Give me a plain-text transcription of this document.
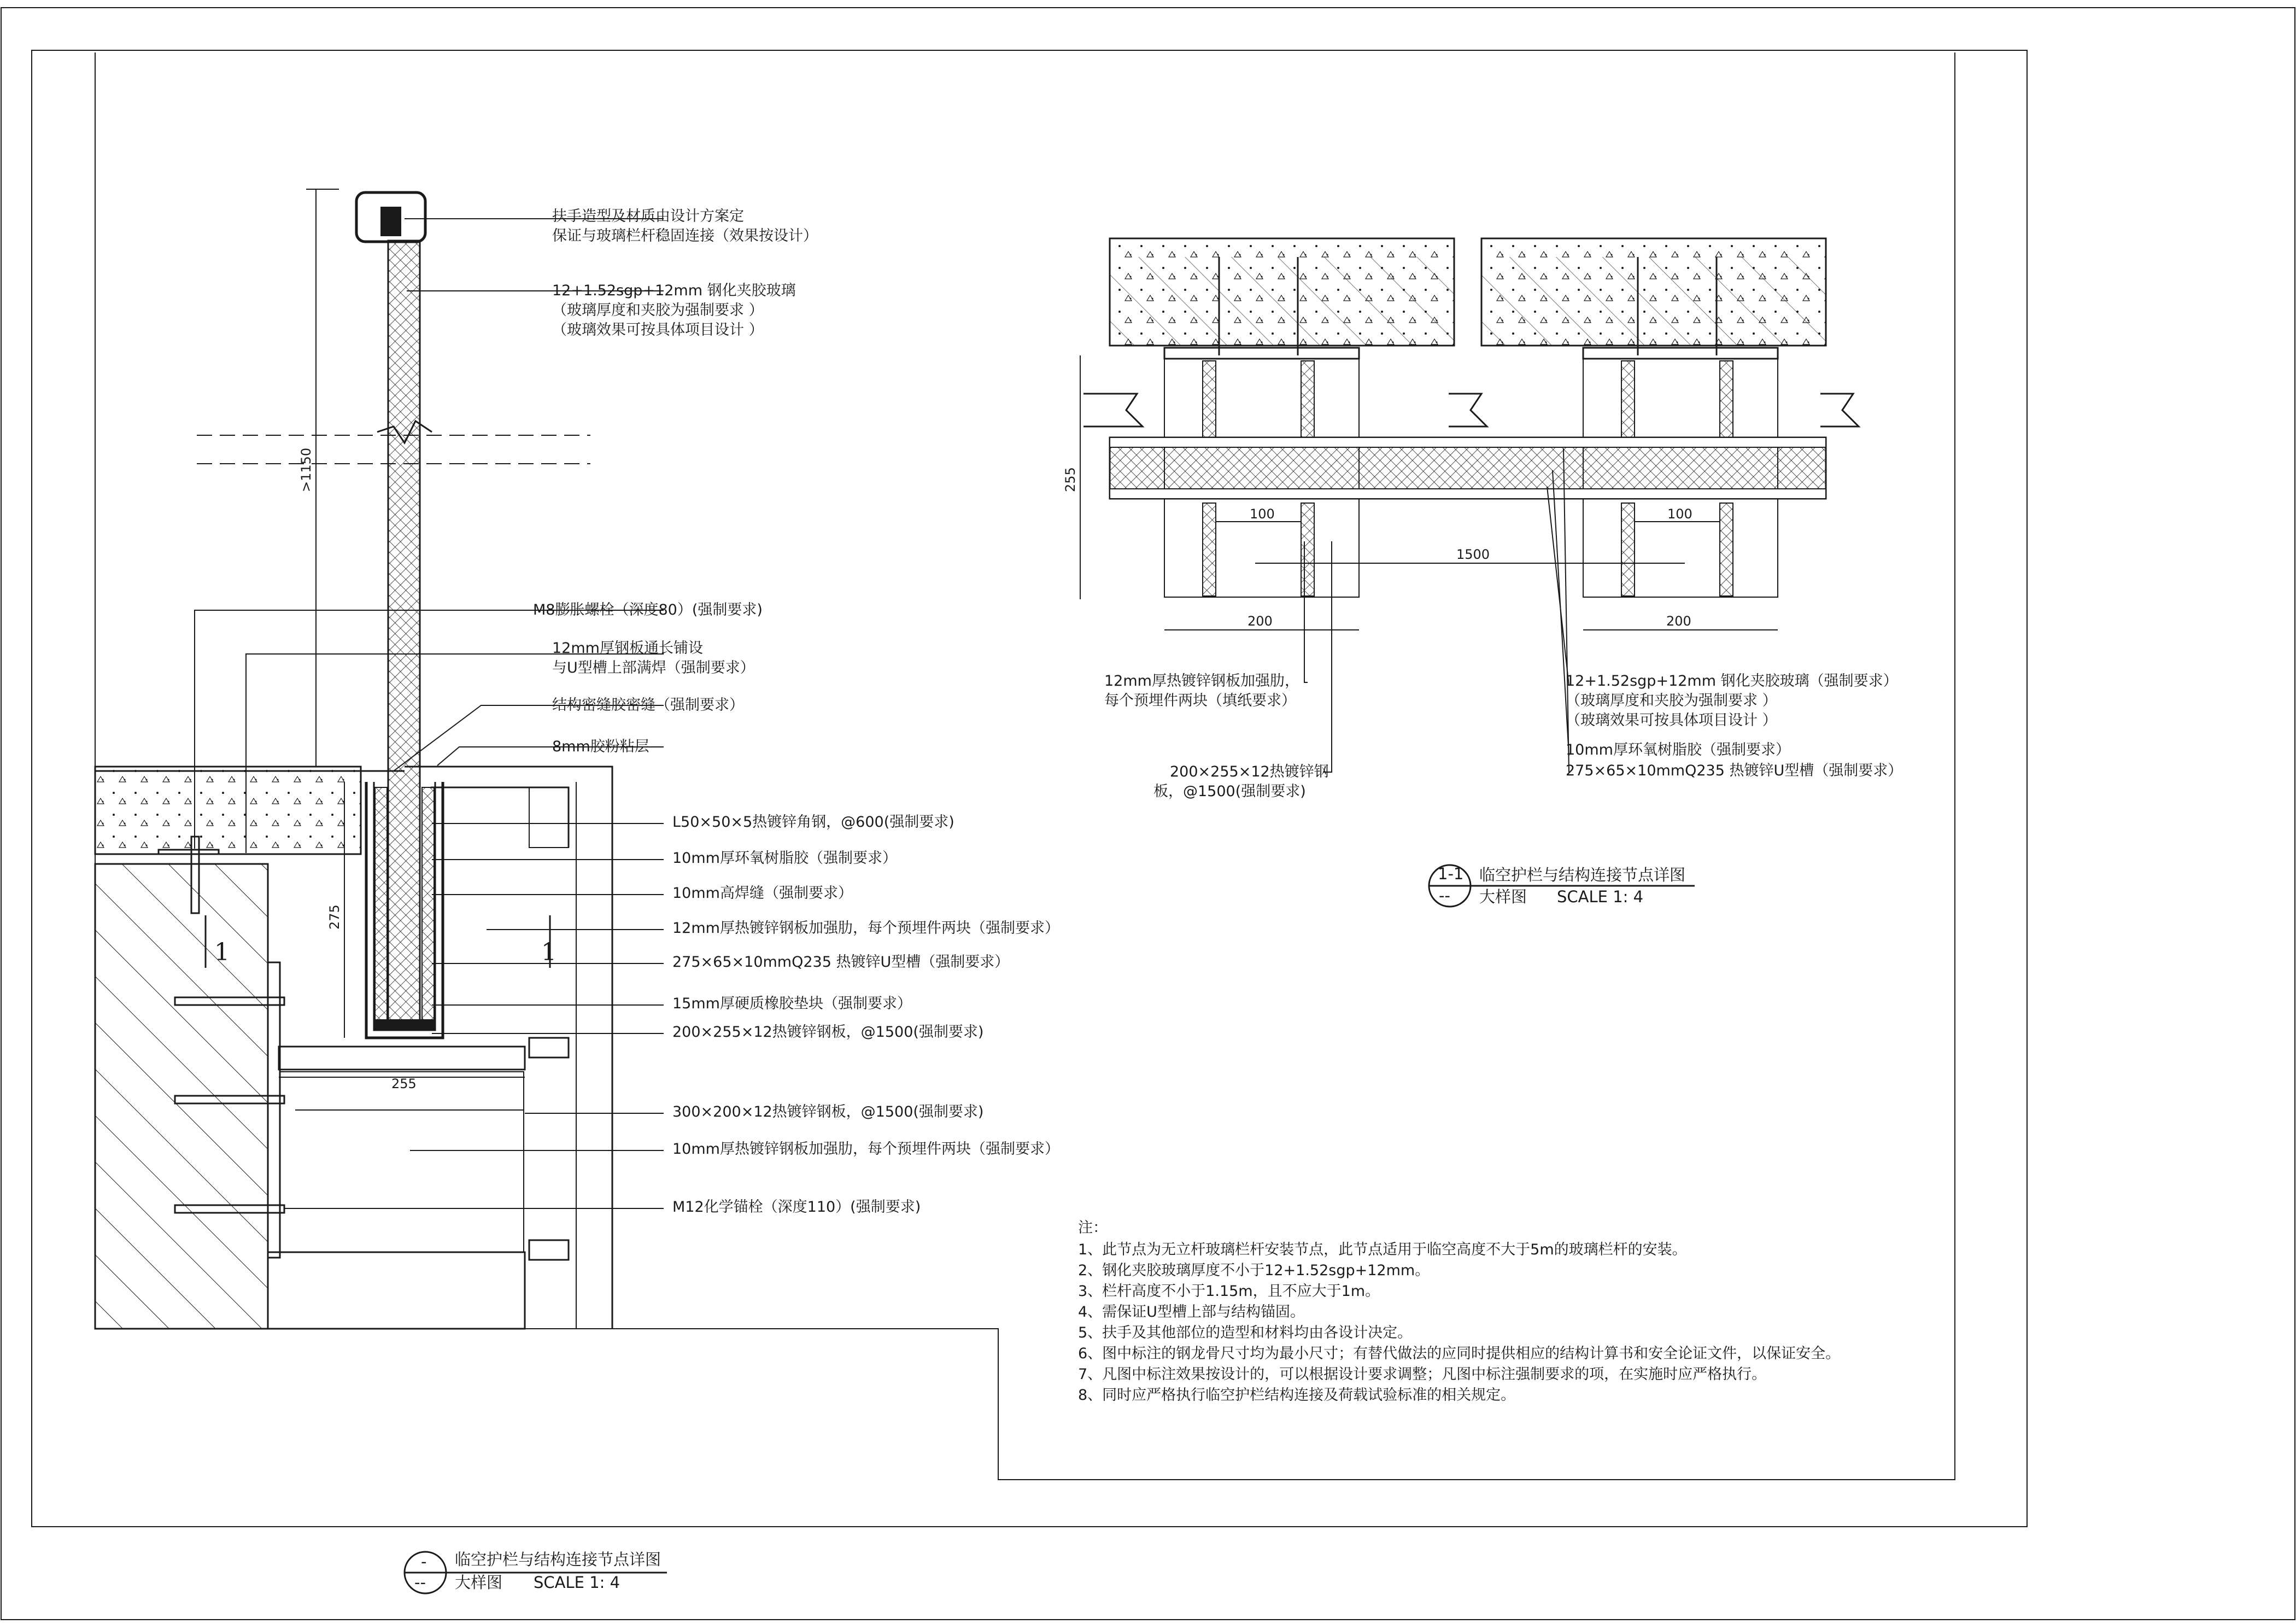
>1150
275
255
1	1
扶手造型及材质由设计方案定
保证与玻璃栏杆稳固连接（效果按设计）
12+1.52sgp+12mm 钢化夹胶玻璃
（玻璃厚度和夹胶为强制要求 ）
（玻璃效果可按具体项目设计 ）
M8膨胀螺栓（深度80）(强制要求)
12mm厚钢板通长铺设
与U型槽上部满焊（强制要求）
结构密缝胶密缝（强制要求）
8mm胶粉粘层
L50×50×5热镀锌角钢，@600(强制要求)
10mm厚环氧树脂胶（强制要求）
10mm高焊缝（强制要求）
12mm厚热镀锌钢板加强肋，每个预埋件两块（强制要求）
275×65×10mmQ235 热镀锌U型槽（强制要求）
15mm厚硬质橡胶垫块（强制要求）
200×255×12热镀锌钢板，@1500(强制要求)
300×200×12热镀锌钢板，@1500(强制要求)
10mm厚热镀锌钢板加强肋，每个预埋件两块（强制要求）
M12化学锚栓（深度110）(强制要求)
-
--
临空护栏与结构连接节点详图
大样图 SCALE 1: 4
255
1500
100	100
200	200
12mm厚热镀锌钢板加强肋，
每个预埋件两块（填纸要求）
200×255×12热镀锌钢
板，@1500(强制要求)
12+1.52sgp+12mm 钢化夹胶玻璃（强制要求）
（玻璃厚度和夹胶为强制要求 ）
（玻璃效果可按具体项目设计 ）
10mm厚环氧树脂胶（强制要求）
275×65×10mmQ235 热镀锌U型槽（强制要求）
1-1
--
临空护栏与结构连接节点详图
大样图 SCALE 1: 4
注：
1、此节点为无立杆玻璃栏杆安装节点，此节点适用于临空高度不大于5m的玻璃栏杆的安装。
2、钢化夹胶玻璃厚度不小于12+1.52sgp+12mm。
3、栏杆高度不小于1.15m，且不应大于1m。
4、需保证U型槽上部与结构锚固。
5、扶手及其他部位的造型和材料均由各设计决定。
6、图中标注的钢龙骨尺寸均为最小尺寸；有替代做法的应同时提供相应的结构计算书和安全论证文件，以保证安全。
7、凡图中标注效果按设计的，可以根据设计要求调整；凡图中标注强制要求的项，在实施时应严格执行。
8、同时应严格执行临空护栏结构连接及荷载试验标准的相关规定。
